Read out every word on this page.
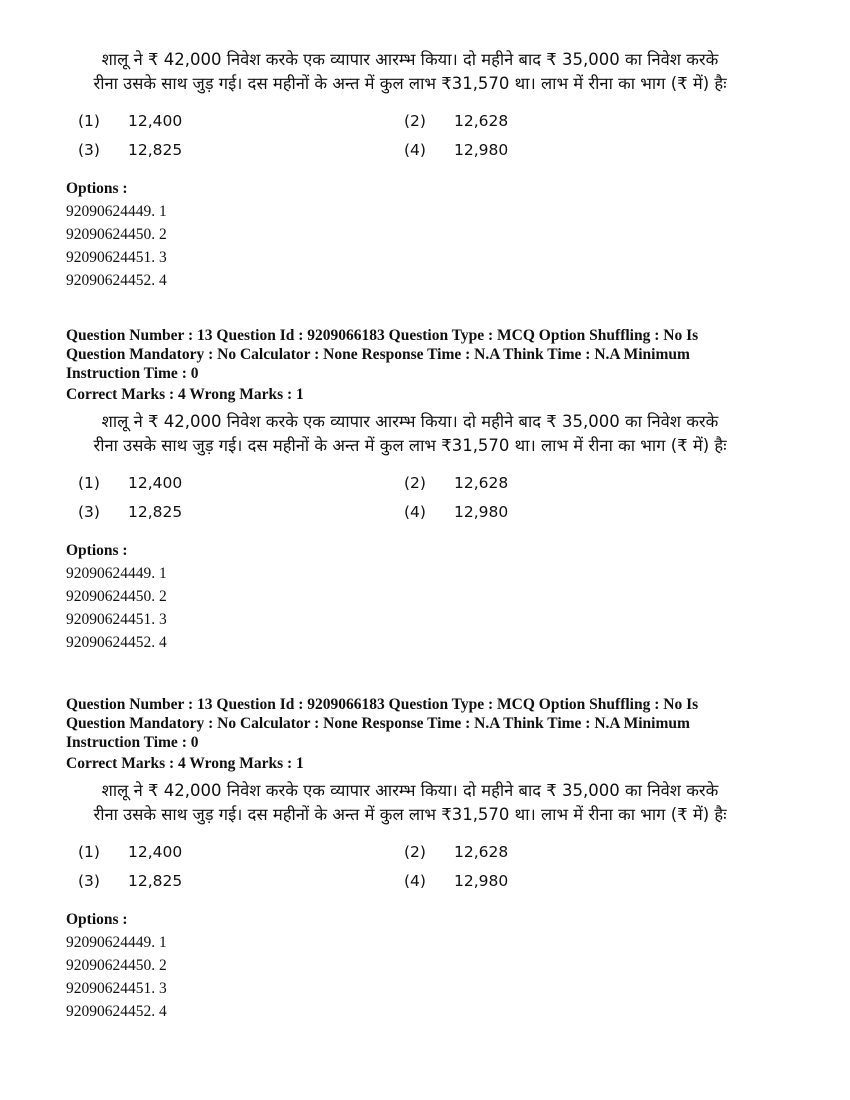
शालू ने ₹ 42,000 निवेश करके एक व्यापार आरम्भ किया। दो महीने बाद ₹ 35,000 का निवेश करके
रीना उसके साथ जुड़ गई। दस महीनों के अन्त में कुल लाभ ₹31,570 था। लाभ में रीना का भाग (₹ में) हैः
(1) 12,400	(2) 12,628
(3) 12,825	(4) 12,980
Options :
92090624449. 1
92090624450. 2
92090624451. 3
92090624452. 4
Question Number : 13 Question Id : 9209066183 Question Type : MCQ Option Shuffling : No Is
Question Mandatory : No Calculator : None Response Time : N.A Think Time : N.A Minimum
Instruction Time : 0
Correct Marks : 4 Wrong Marks : 1
शालू ने ₹ 42,000 निवेश करके एक व्यापार आरम्भ किया। दो महीने बाद ₹ 35,000 का निवेश करके
रीना उसके साथ जुड़ गई। दस महीनों के अन्त में कुल लाभ ₹31,570 था। लाभ में रीना का भाग (₹ में) हैः
(1) 12,400	(2) 12,628
(3) 12,825	(4) 12,980
Options :
92090624449. 1
92090624450. 2
92090624451. 3
92090624452. 4
Question Number : 13 Question Id : 9209066183 Question Type : MCQ Option Shuffling : No Is
Question Mandatory : No Calculator : None Response Time : N.A Think Time : N.A Minimum
Instruction Time : 0
Correct Marks : 4 Wrong Marks : 1
शालू ने ₹ 42,000 निवेश करके एक व्यापार आरम्भ किया। दो महीने बाद ₹ 35,000 का निवेश करके
रीना उसके साथ जुड़ गई। दस महीनों के अन्त में कुल लाभ ₹31,570 था। लाभ में रीना का भाग (₹ में) हैः
(1) 12,400	(2) 12,628
(3) 12,825	(4) 12,980
Options :
92090624449. 1
92090624450. 2
92090624451. 3
92090624452. 4
